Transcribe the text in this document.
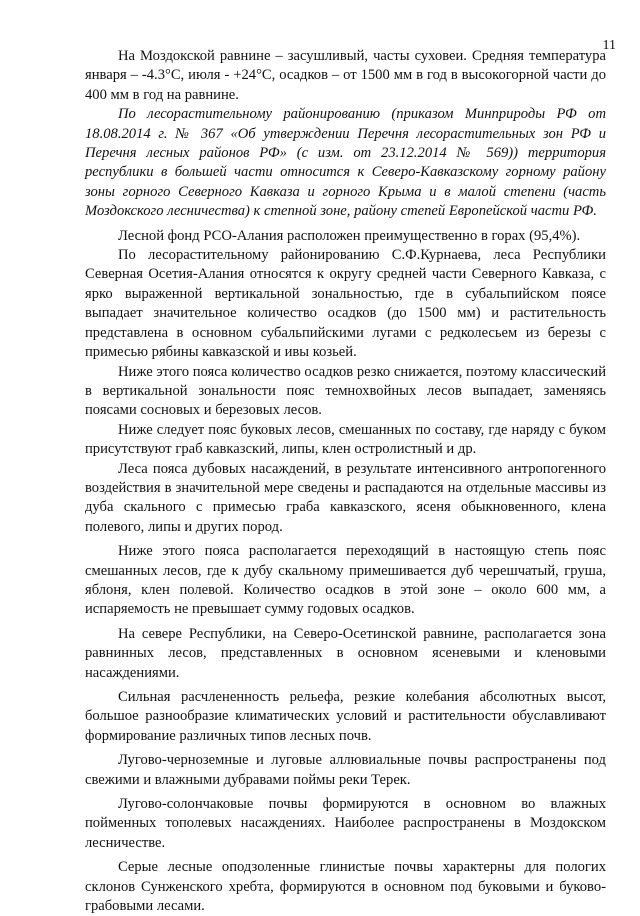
11

На Моздокской равнине – засушливый, часты суховеи. Средняя температура января – -4.3°С, июля - +24°С, осадков – от 1500 мм в год в высокогорной части до 400 мм в год на равнине.

По лесорастительному районированию (приказом Минприроды РФ от 18.08.2014 г. № 367 «Об утверждении Перечня лесорастительных зон РФ и Перечня лесных районов РФ» (с изм. от 23.12.2014 № 569)) территория республики в большей части относится к Северо-Кавказскому горному району зоны горного Северного Кавказа и горного Крыма и в малой степени (часть Моздокского лесничества) к степной зоне, району степей Европейской части РФ.

Лесной фонд РСО-Алания расположен преимущественно в горах (95,4%).

По лесорастительному районированию С.Ф.Курнаева, леса Республики Северная Осетия-Алания относятся к округу средней части Северного Кавказа, с ярко выраженной вертикальной зональностью, где в субальпийском поясе выпадает значительное количество осадков (до 1500 мм) и растительность представлена в основном субальпийскими лугами с редколесьем из березы с примесью рябины кавказской и ивы козьей.

Ниже этого пояса количество осадков резко снижается, поэтому классический в вертикальной зональности пояс темнохвойных лесов выпадает, заменяясь поясами сосновых и березовых лесов.

Ниже следует пояс буковых лесов, смешанных по составу, где наряду с буком присутствуют граб кавказский, липы, клен остролистный и др.

Леса пояса дубовых насаждений, в результате интенсивного антропогенного воздействия в значительной мере сведены и распадаются на отдельные массивы из дуба скального с примесью граба кавказского, ясеня обыкновенного, клена полевого, липы и других пород.

Ниже этого пояса располагается переходящий в настоящую степь пояс смешанных лесов, где к дубу скальному примешивается дуб черешчатый, груша, яблоня, клен полевой. Количество осадков в этой зоне – около 600 мм, а испаряемость не превышает сумму годовых осадков.

На севере Республики, на Северо-Осетинской равнине, располагается зона равнинных лесов, представленных в основном ясеневыми и кленовыми насаждениями.

Сильная расчлененность рельефа, резкие колебания абсолютных высот, большое разнообразие климатических условий и растительности обуславливают формирование различных типов лесных почв.

Лугово-черноземные и луговые аллювиальные почвы распространены под свежими и влажными дубравами поймы реки Терек.

Лугово-солончаковые почвы формируются в основном во влажных пойменных тополевых насаждениях. Наиболее распространены в Моздокском лесничестве.

Серые лесные оподзоленные глинистые почвы характерны для пологих склонов Сунженского хребта, формируются в основном под буковыми и буково-грабовыми лесами.
